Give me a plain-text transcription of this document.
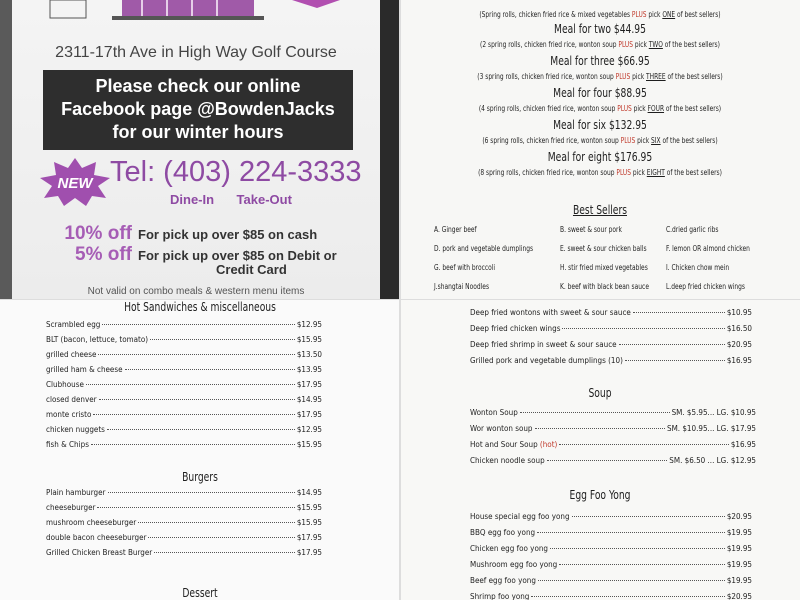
2311-17th Ave in High Way Golf Course
Please check our online
Facebook page @BowdenJacks
for our winter hours
NEW Tel: (403) 224-3333
Dine-In Take-Out
10% off For pick up over $85 on cash
5% off For pick up over $85 on Debit or
Credit Card
Not valid on combo meals & western menu items
(Spring rolls, chicken fried rice & mixed vegetables PLUS pick ONE of best sellers)
Meal for two $44.95
(2 spring rolls, chicken fried rice, wonton soup PLUS pick TWO of the best sellers)
Meal for three $66.95
(3 spring rolls, chicken fried rice, wonton soup PLUS pick THREE of the best sellers)
Meal for four $88.95
(4 spring rolls, chicken fried rice, wonton soup PLUS pick FOUR of the best sellers)
Meal for six $132.95
(6 spring rolls, chicken fried rice, wonton soup PLUS pick SIX of the best sellers)
Meal for eight $176.95
(8 spring rolls, chicken fried rice, wonton soup PLUS pick EIGHT of the best sellers)
Best Sellers
A. Ginger beef	B. sweet & sour pork	C.dried garlic ribs
D. pork and vegetable dumplings	E. sweet & sour chicken balls	F. lemon OR almond chicken
G. beef with broccoli	H. stir fried mixed vegetables	I. Chicken chow mein
J.shangtai Noodles	K. beef with black bean sauce	L.deep fried chicken wings
Hot Sandwiches & miscellaneous
Scrambled egg	$12.95
BLT (bacon, lettuce, tomato)	$15.95
grilled cheese	$13.50
grilled ham & cheese	$13.95
Clubhouse	$17.95
closed denver	$14.95
monte cristo	$17.95
chicken nuggets	$12.95
fish & Chips	$15.95
Burgers
Plain hamburger	$14.95
cheeseburger	$15.95
mushroom cheeseburger	$15.95
double bacon cheeseburger	$17.95
Grilled Chicken Breast Burger	$17.95
Dessert
Deep fried wontons with sweet & sour sauce	$10.95
Deep fried chicken wings	$16.50
Deep fried shrimp in sweet & sour sauce	$20.95
Grilled pork and vegetable dumplings (10)	$16.95
Soup
Wonton Soup	SM. $5.95... LG. $10.95
Wor wonton soup	SM. $10.95... LG. $17.95
Hot and Sour Soup (hot)	$16.95
Chicken noodle soup	SM. $6.50 ... LG. $12.95
Egg Foo Yong
House special egg foo yong	$20.95
BBQ egg foo yong	$19.95
Chicken egg foo yong	$19.95
Mushroom egg foo yong	$19.95
Beef egg foo yong	$19.95
Shrimp foo yong	$20.95
